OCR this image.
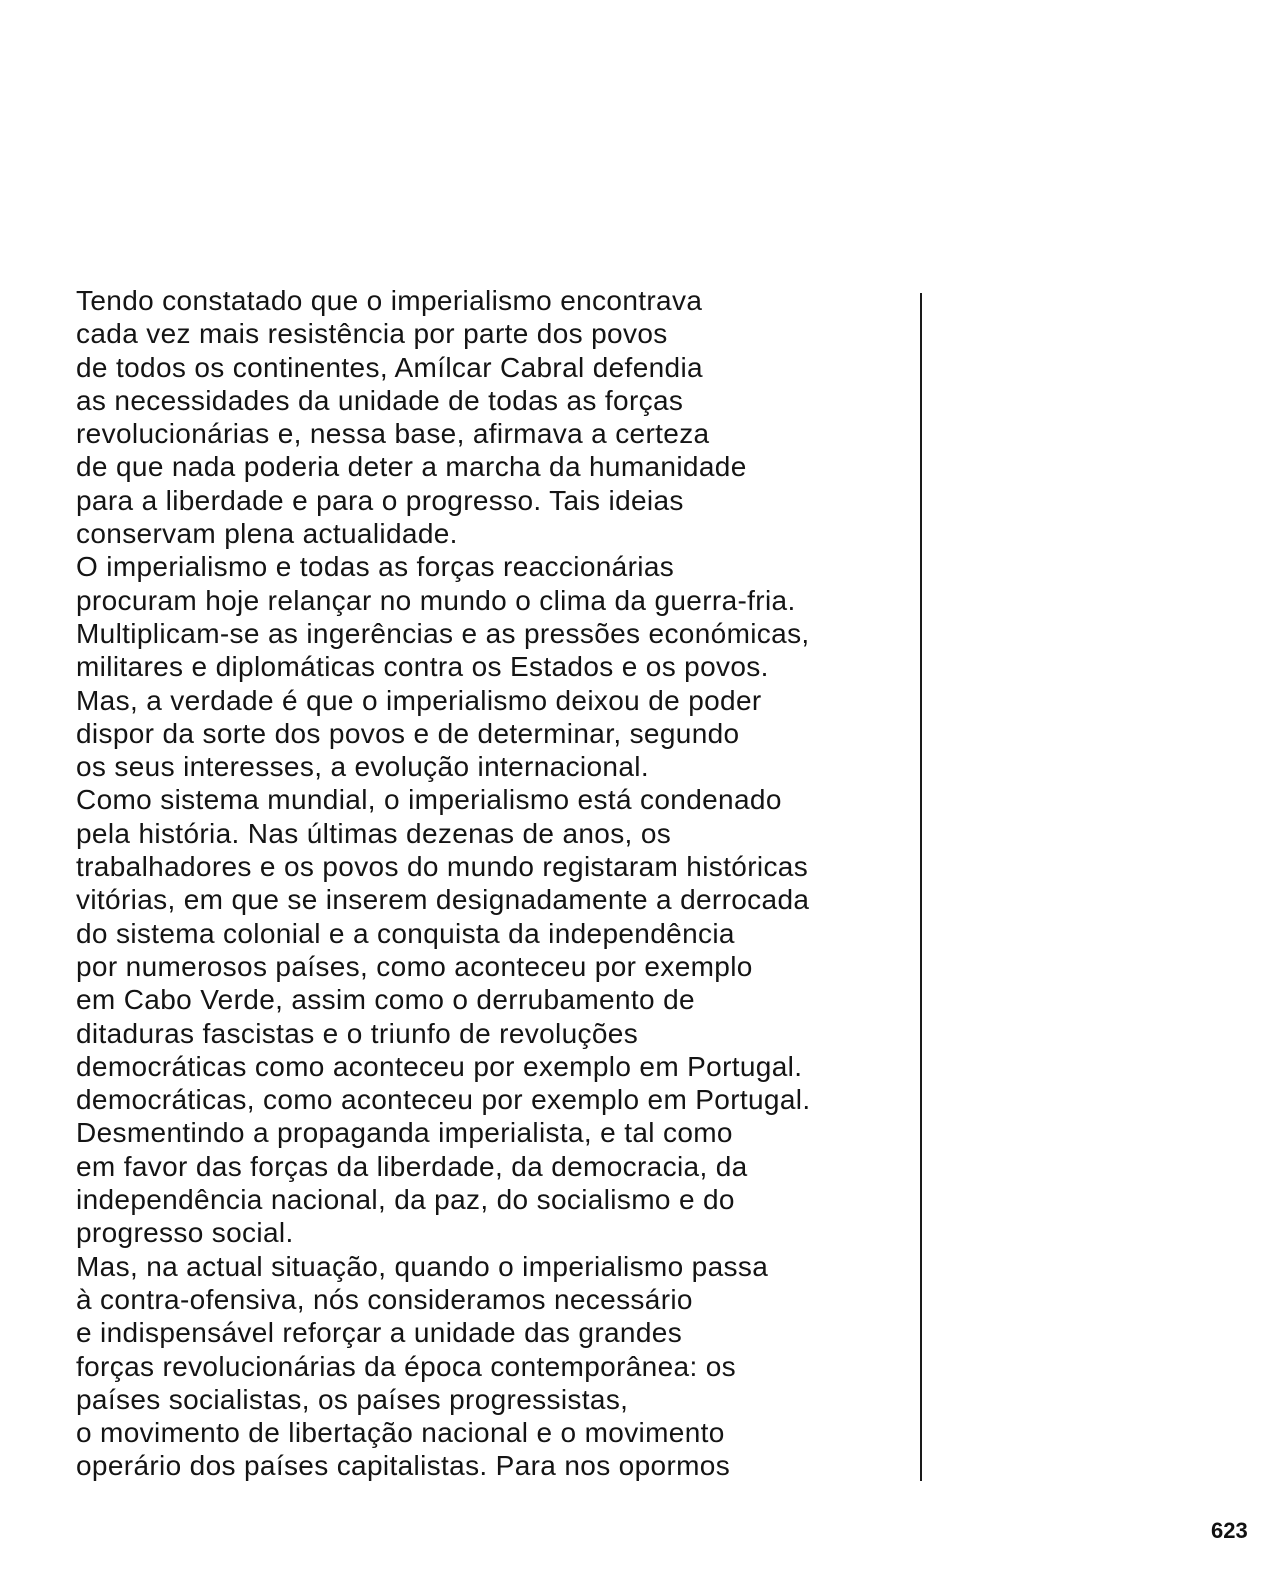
Tendo constatado que o imperialismo encontrava
cada vez mais resistência por parte dos povos
de todos os continentes, Amílcar Cabral defendia
as necessidades da unidade de todas as forças
revolucionárias e, nessa base, afirmava a certeza
de que nada poderia deter a marcha da humanidade
para a liberdade e para o progresso. Tais ideias
conservam plena actualidade.
O imperialismo e todas as forças reaccionárias
procuram hoje relançar no mundo o clima da guerra-fria.
Multiplicam-se as ingerências e as pressões económicas,
militares e diplomáticas contra os Estados e os povos.
Mas, a verdade é que o imperialismo deixou de poder
dispor da sorte dos povos e de determinar, segundo
os seus interesses, a evolução internacional.
Como sistema mundial, o imperialismo está condenado
pela história. Nas últimas dezenas de anos, os
trabalhadores e os povos do mundo registaram históricas
vitórias, em que se inserem designadamente a derrocada
do sistema colonial e a conquista da independência
por numerosos países, como aconteceu por exemplo
em Cabo Verde, assim como o derrubamento de
ditaduras fascistas e o triunfo de revoluções
democráticas como aconteceu por exemplo em Portugal.
democráticas, como aconteceu por exemplo em Portugal.
Desmentindo a propaganda imperialista, e tal como
em favor das forças da liberdade, da democracia, da
independência nacional, da paz, do socialismo e do
progresso social.
Mas, na actual situação, quando o imperialismo passa
à contra-ofensiva, nós consideramos necessário
e indispensável reforçar a unidade das grandes
forças revolucionárias da época contemporânea: os
países socialistas, os países progressistas,
o movimento de libertação nacional e o movimento
operário dos países capitalistas. Para nos opormos
623
